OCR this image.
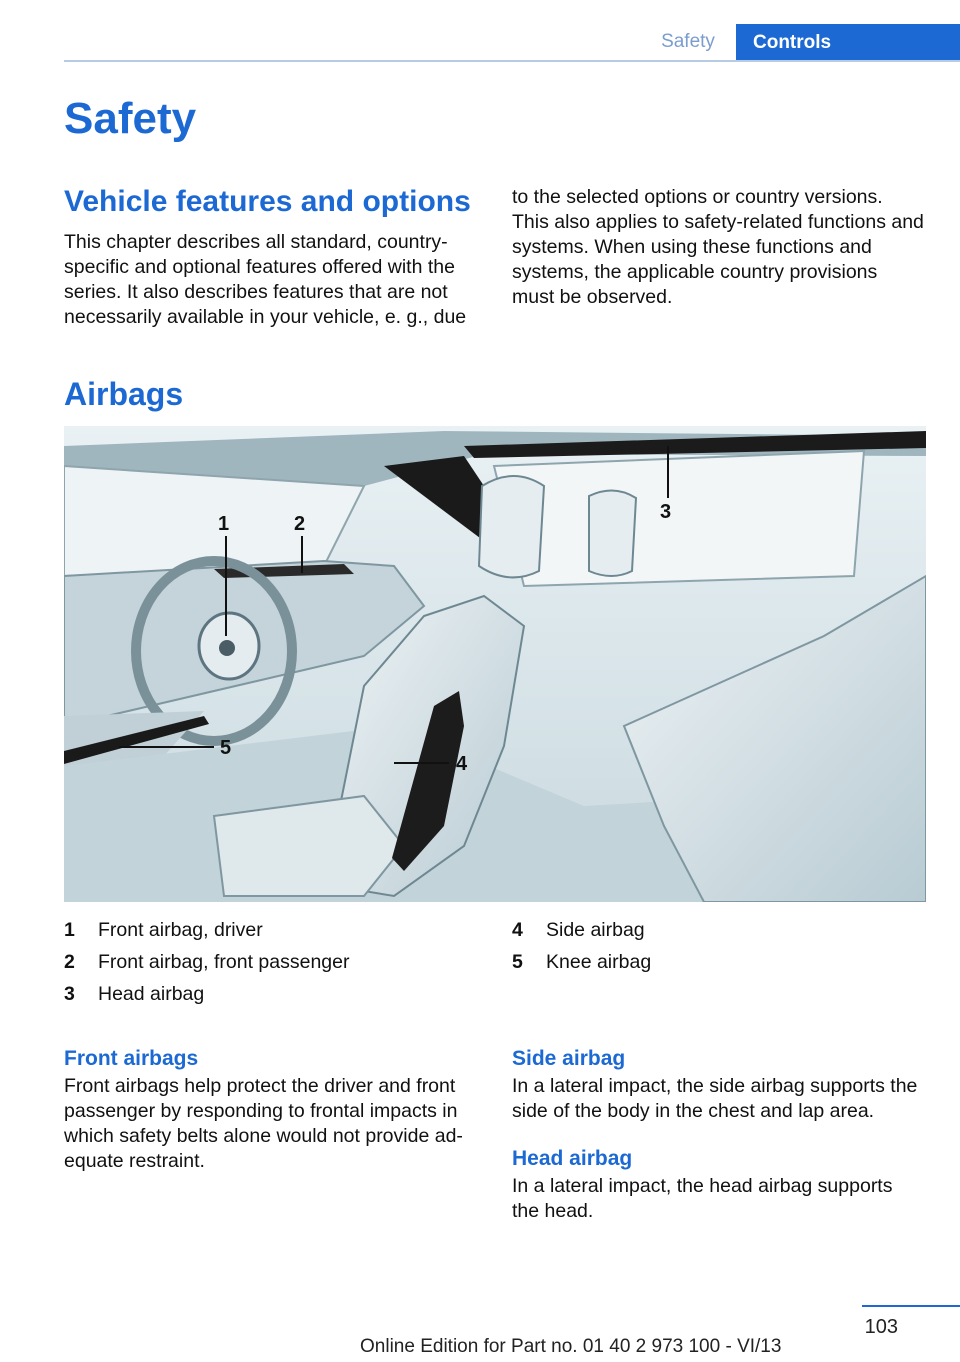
Safety	Controls
Safety
Vehicle features and options

This chapter describes all standard, country-specific and optional features offered with the series. It also describes features that are not necessarily available in your vehicle, e. g., due

to the selected options or country versions. This also applies to safety-related functions and systems. When using these functions and systems, the applicable country provisions must be observed.

Airbags
1	2
3
4
5
1	Front airbag, driver
2	Front airbag, front passenger
3	Head airbag
4	Side airbag
5	Knee airbag
Front airbags

Front airbags help protect the driver and front passenger by responding to frontal impacts in which safety belts alone would not provide ad-equate restraint.

Side airbag

In a lateral impact, the side airbag supports the side of the body in the chest and lap area.

Head airbag

In a lateral impact, the head airbag supports the head.

103
Online Edition for Part no. 01 40 2 973 100 - VI/13
